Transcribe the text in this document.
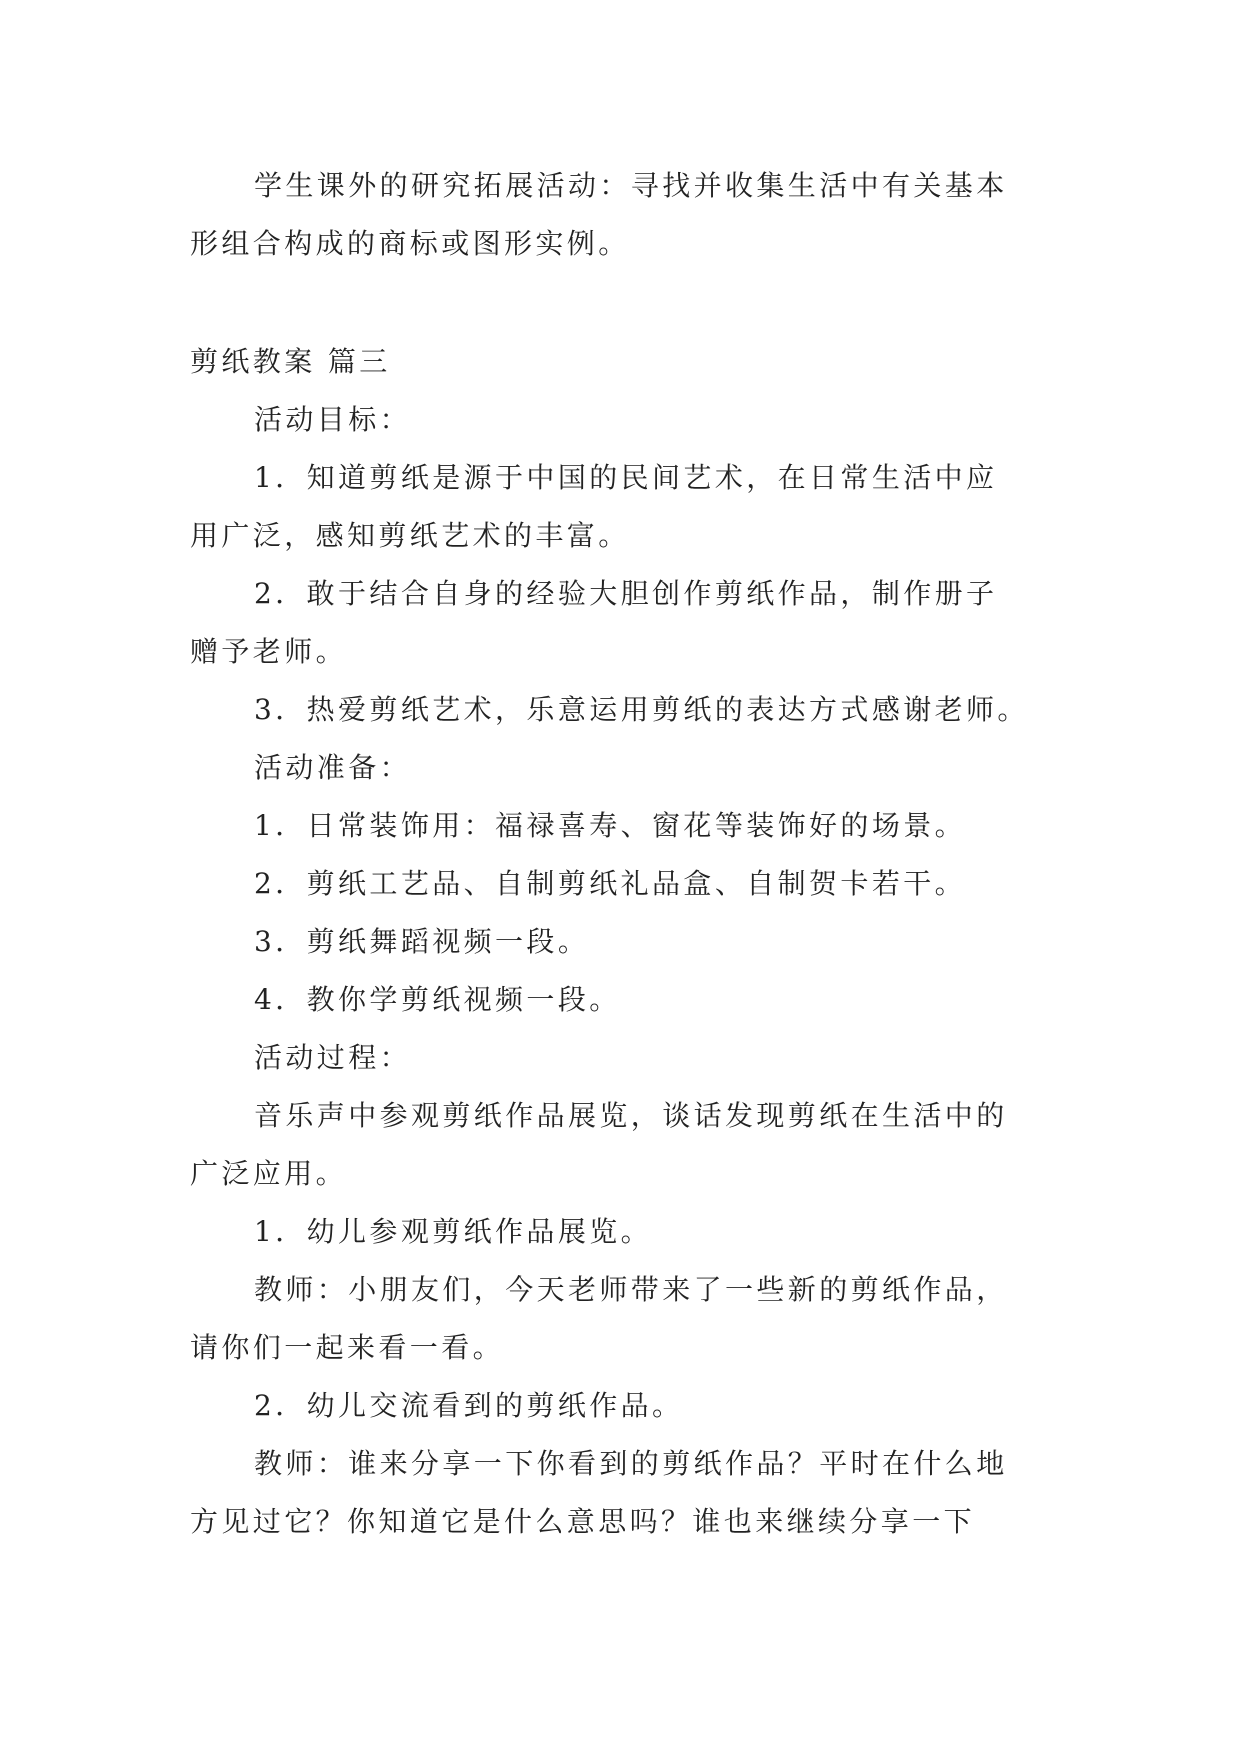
学生课外的研究拓展活动：寻找并收集生活中有关基本
形组合构成的商标或图形实例。
剪纸教案 篇三
活动目标：
1．知道剪纸是源于中国的民间艺术，在日常生活中应
用广泛，感知剪纸艺术的丰富。
2．敢于结合自身的经验大胆创作剪纸作品，制作册子
赠予老师。
3．热爱剪纸艺术，乐意运用剪纸的表达方式感谢老师。
活动准备：
1．日常装饰用：福禄喜寿、窗花等装饰好的场景。
2．剪纸工艺品、自制剪纸礼品盒、自制贺卡若干。
3．剪纸舞蹈视频一段。
4．教你学剪纸视频一段。
活动过程：
音乐声中参观剪纸作品展览，谈话发现剪纸在生活中的
广泛应用。
1．幼儿参观剪纸作品展览。
教师：小朋友们，今天老师带来了一些新的剪纸作品，
请你们一起来看一看。
2．幼儿交流看到的剪纸作品。
教师：谁来分享一下你看到的剪纸作品？平时在什么地
方见过它？你知道它是什么意思吗？谁也来继续分享一下
